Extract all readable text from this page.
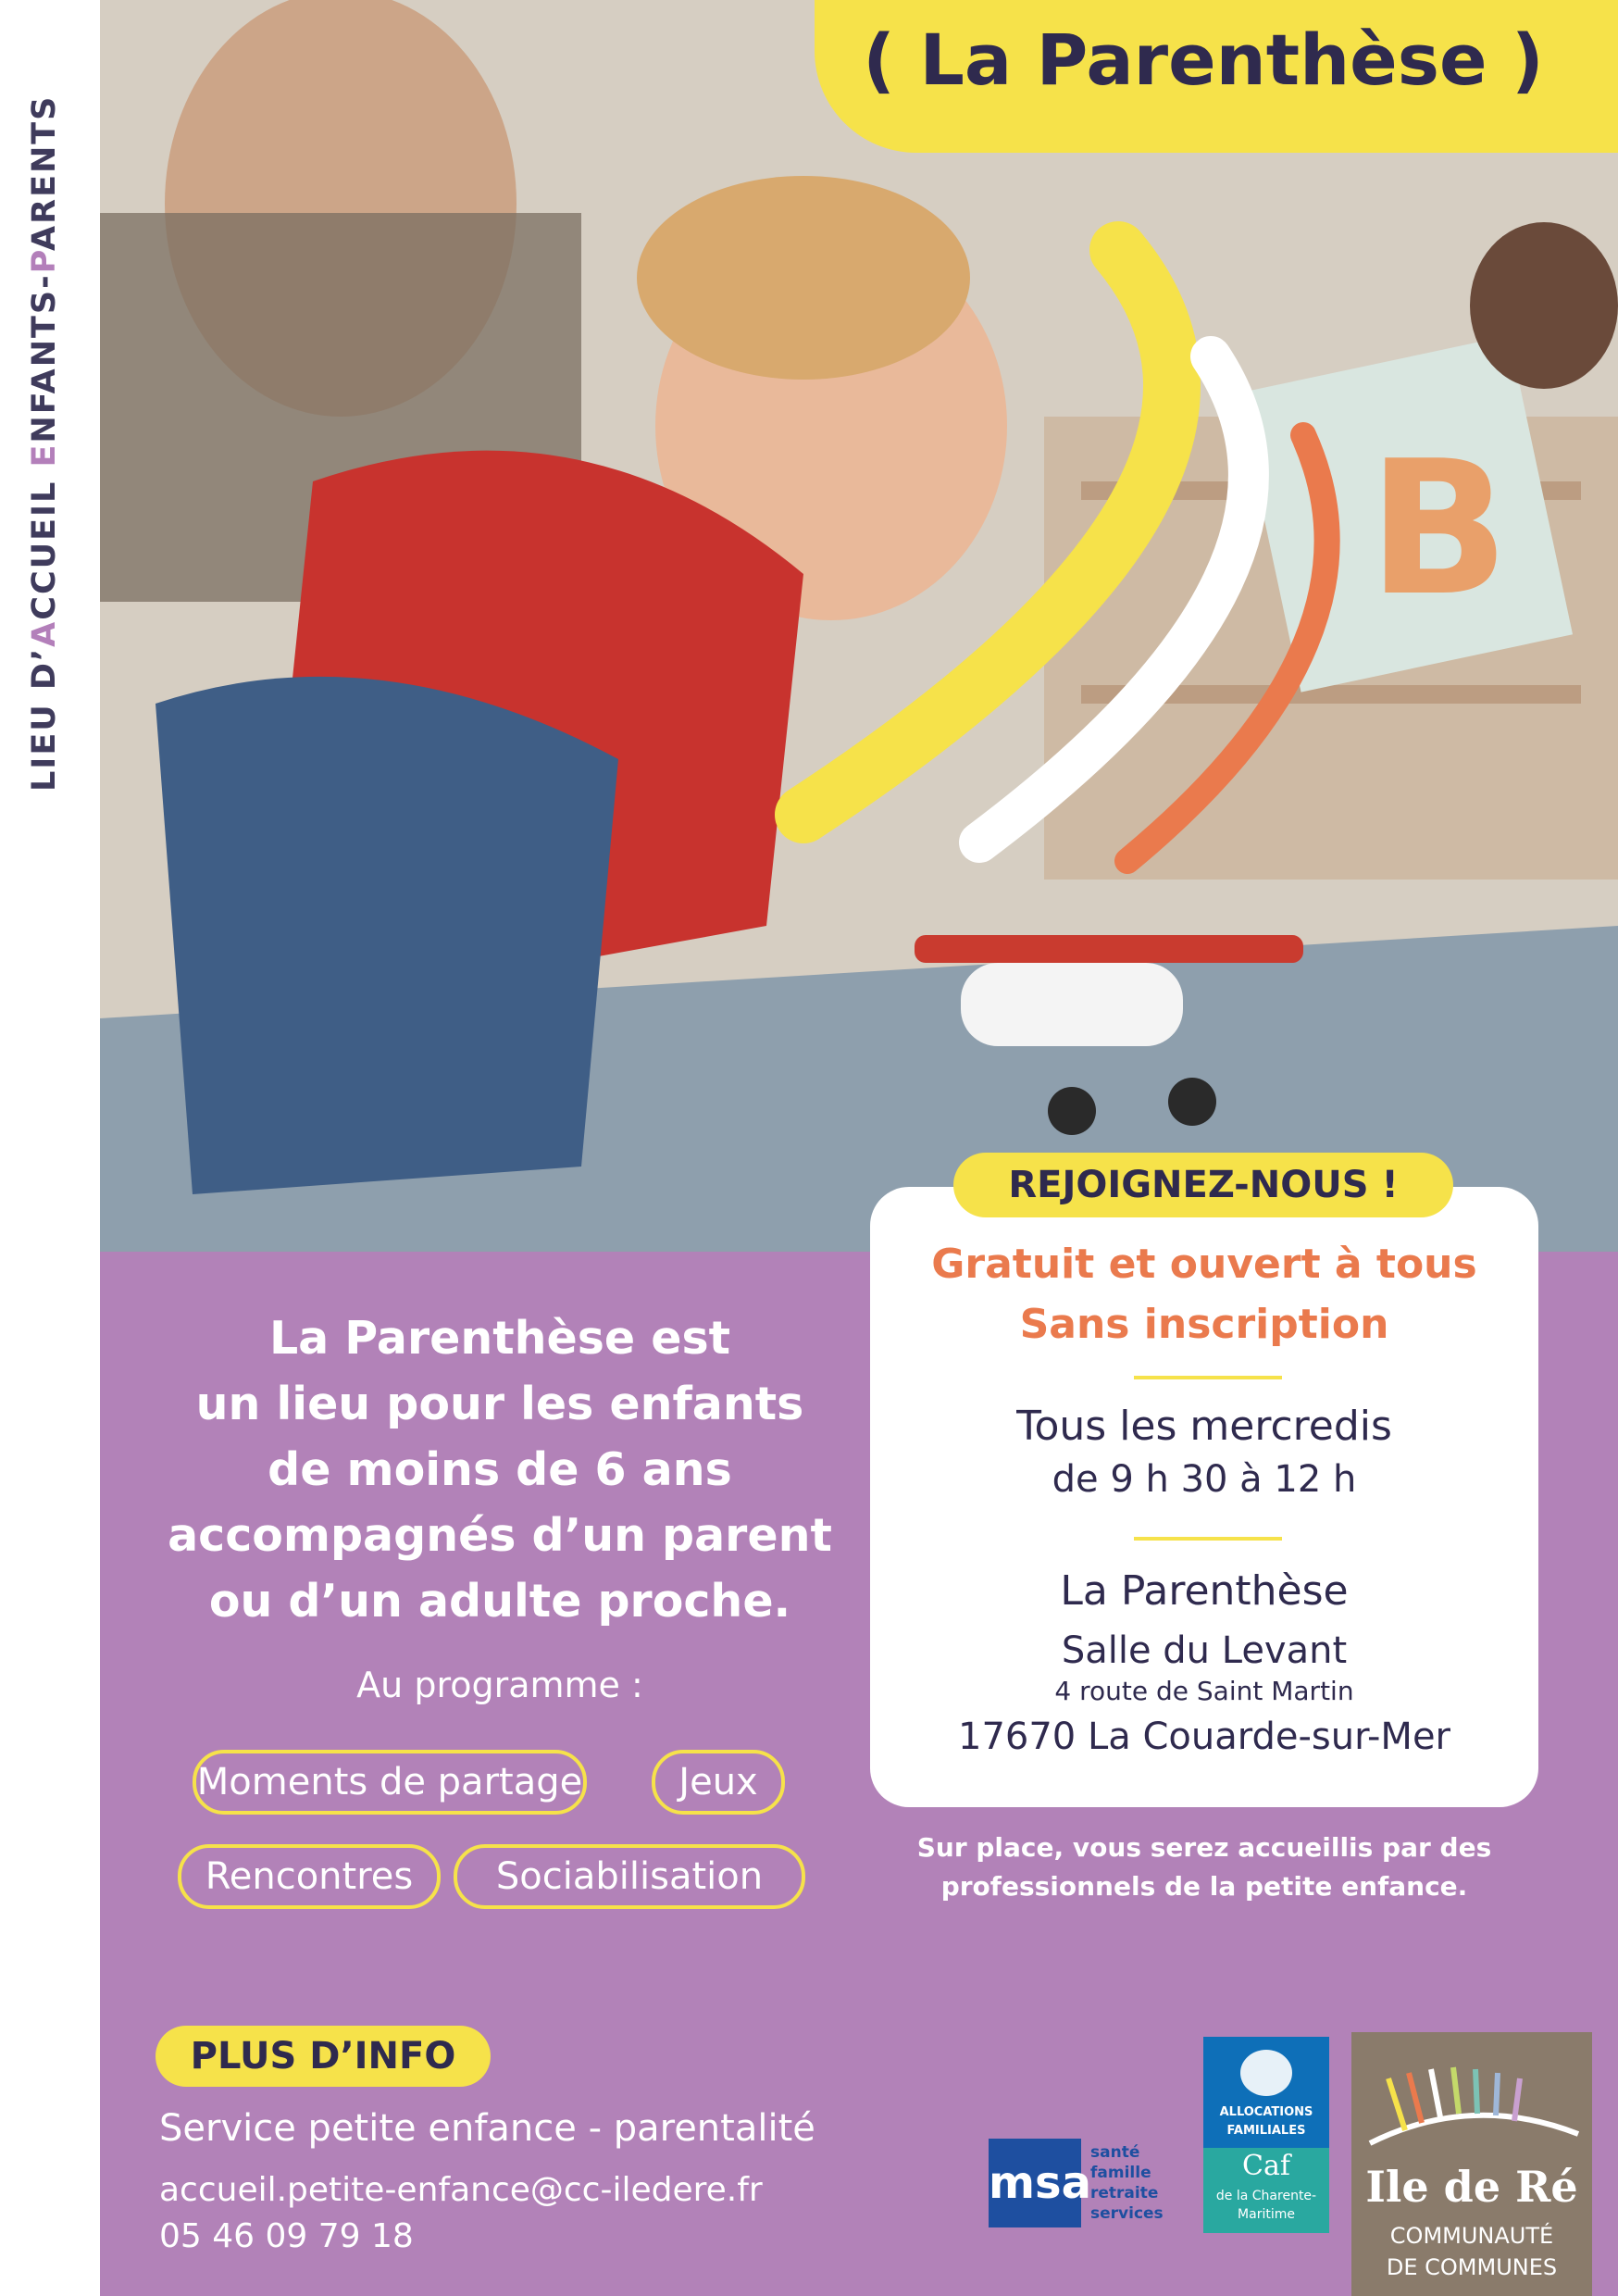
LIEU D’ACCUEIL ENFANTS-PARENTS
B
( La Parenthèse )
REJOIGNEZ-NOUS !
Gratuit et ouvert à tous
Sans inscription
Tous les mercredis
de 9 h 30 à 12 h
La Parenthèse
Salle du Levant
4 route de Saint Martin
17670 La Couarde-sur-Mer
La Parenthèse est
un lieu pour les enfants
de moins de 6 ans
accompagnés d’un parent
ou d’un adulte proche.
Au programme :
Moments de partage	Jeux
Rencontres	Sociabilisation
Sur place, vous serez accueillis par des
professionnels de la petite enfance.
PLUS D’INFO
Service petite enfance - parentalité
accueil.petite-enfance@cc-iledere.fr
05 46 09 79 18
msa
santé
famille
retraite
services
ALLOCATIONS
FAMILIALES
Caf
de la Charente-
Maritime
Ile de Ré
COMMUNAUTÉ
DE COMMUNES
